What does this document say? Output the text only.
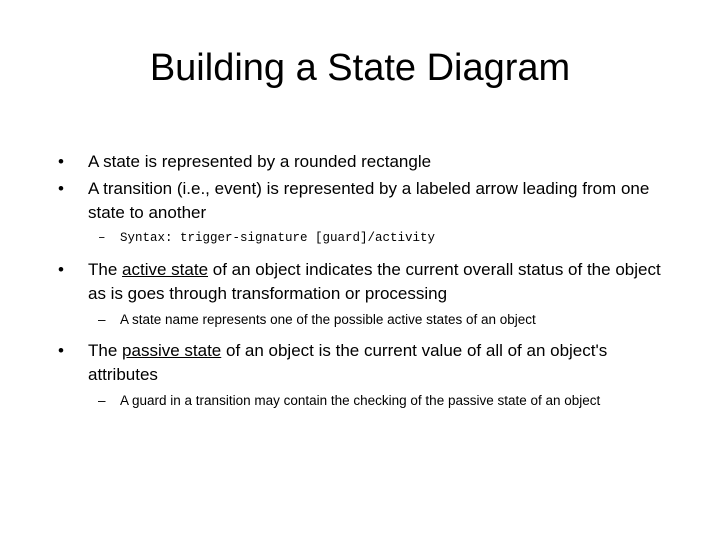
Building a State Diagram
•	A state is represented by a rounded rectangle
•	A transition (i.e., event) is represented by a labeled arrow leading from one state to another
– Syntax: trigger-signature [guard]/activity
•	The active state of an object indicates the current overall status of the object as is goes through transformation or processing
– A state name represents one of the possible active states of an object
•	The passive state of an object is the current value of all of an object's attributes
– A guard in a transition may contain the checking of the passive state of an object
